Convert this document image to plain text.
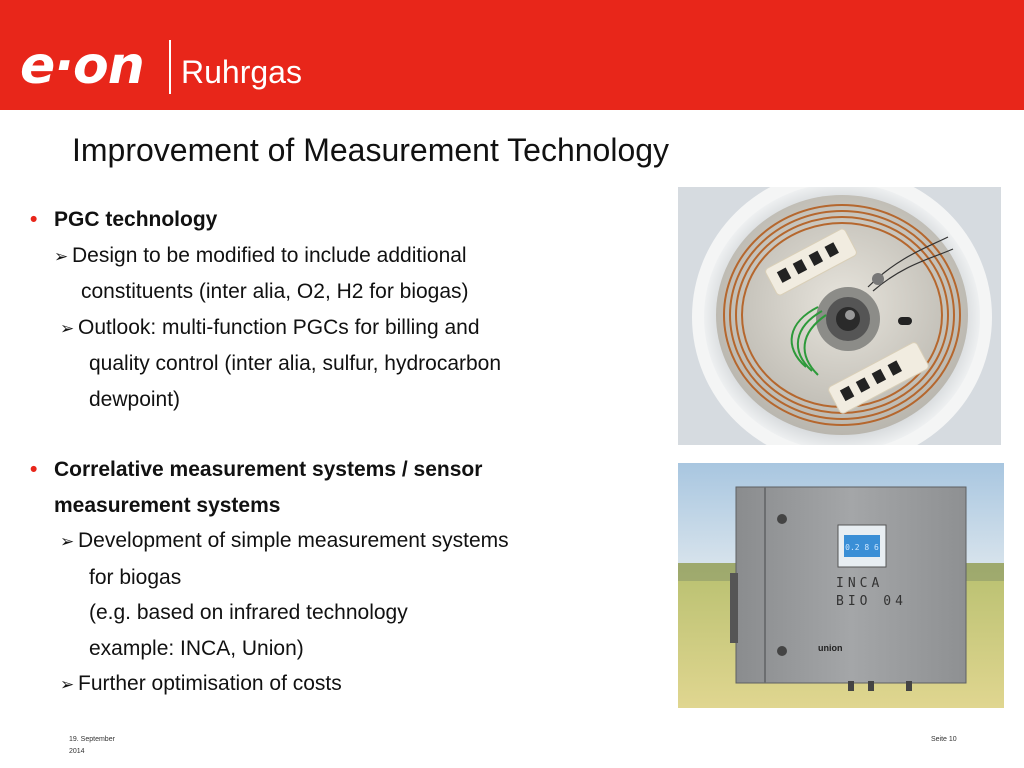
e·on Ruhrgas
Improvement of Measurement Technology
• PGC technology
➢ Design to be modified to include additional
constituents (inter alia, O2, H2 for biogas)
➢ Outlook: multi-function PGCs for billing and
quality control (inter alia, sulfur, hydrocarbon
dewpoint)
• Correlative measurement systems / sensor
measurement systems
➢ Development of simple measurement systems
for biogas
(e.g. based on infrared technology
example: INCA, Union)
➢ Further optimisation of costs
0.2 8 6
INCA
BIO 04
union
19. September
2014
Seite 10
